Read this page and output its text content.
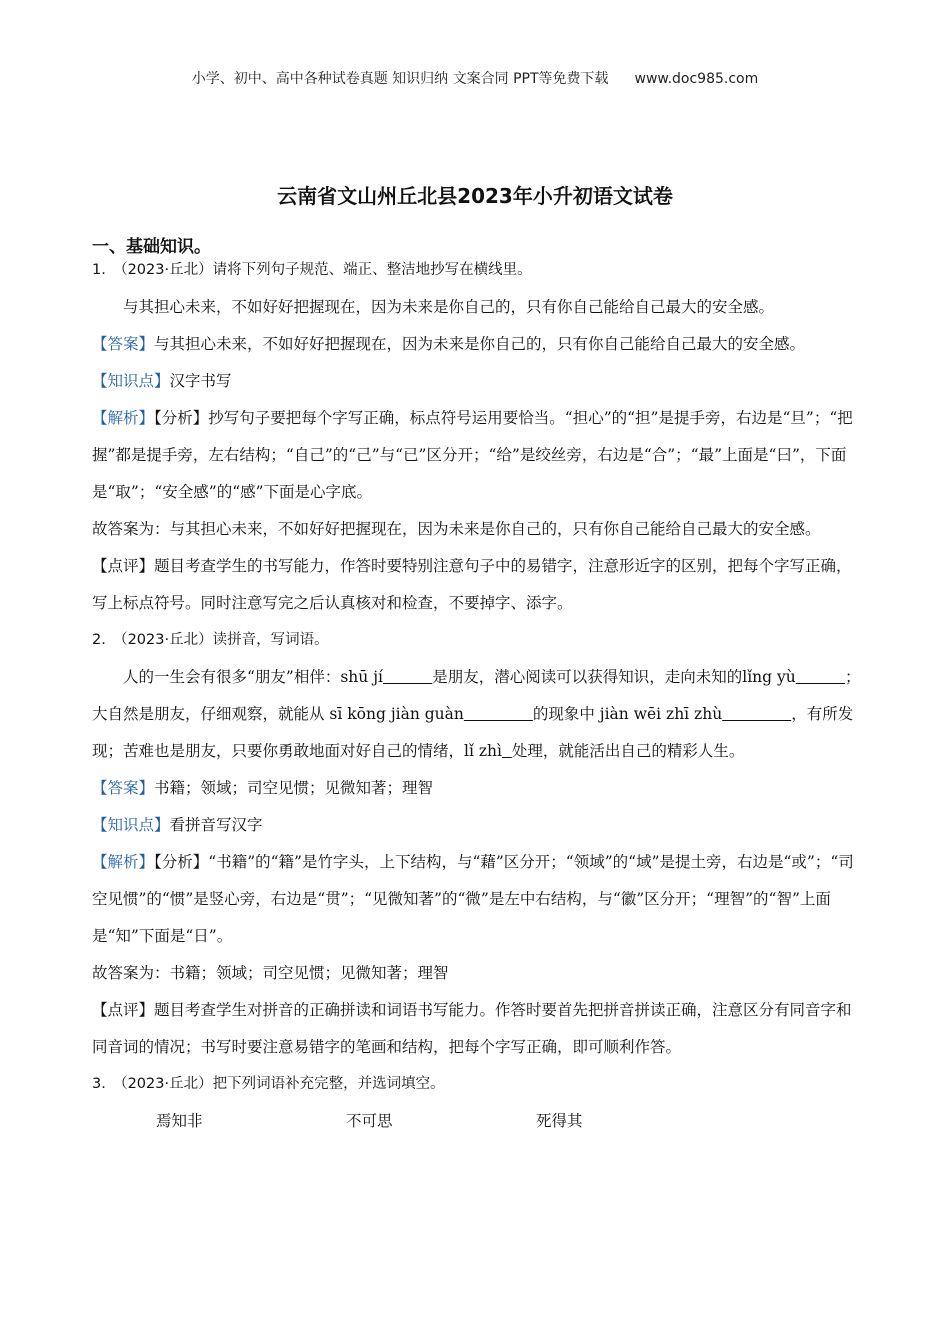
小学、初中、高中各种试卷真题 知识归纳 文案合同 PPT等免费下载 www.doc985.com
云南省文山州丘北县2023年小升初语文试卷
一、基础知识。

1.　（2023·丘北）请将下列句子规范、端正、整洁地抄写在横线里。

与其担心未来，不如好好把握现在，因为未来是你自己的，只有你自己能给自己最大的安全感。

【答案】与其担心未来，不如好好把握现在，因为未来是你自己的，只有你自己能给自己最大的安全感。

【知识点】汉字书写

【解析】【分析】抄写句子要把每个字写正确，标点符号运用要恰当。“担心”的“担”是提手旁，右边是“旦”；“把握”都是提手旁，左右结构；“自己”的“己”与“已”区分开；“给”是绞丝旁，右边是“合”；“最”上面是“曰”，下面是“取”；“安全感”的“感”下面是心字底。

故答案为：与其担心未来，不如好好把握现在，因为未来是你自己的，只有你自己能给自己最大的安全感。

【点评】题目考查学生的书写能力，作答时要特别注意句子中的易错字，注意形近字的区别，把每个字写正确，写上标点符号。同时注意写完之后认真核对和检查，不要掉字、添字。

2.　（2023·丘北）读拼音，写词语。

人的一生会有很多“朋友”相伴：shū jí	是朋友，潜心阅读可以获得知识，走向未知的lǐng yù	；大自然是朋友，仔细观察，就能从 sī kōng jiàn guàn	的现象中 jiàn wēi zhī zhù	，有所发现；苦难也是朋友，只要你勇敢地面对好自己的情绪，lǐ zhì 处理，就能活出自己的精彩人生。

【答案】书籍；领域；司空见惯；见微知著；理智

【知识点】看拼音写汉字

【解析】【分析】“书籍”的“籍”是竹字头，上下结构，与“藉”区分开；“领域”的“域”是提土旁，右边是“或”；“司空见惯”的“惯”是竖心旁，右边是“贯”；“见微知著”的“微”是左中右结构，与“徽”区分开；“理智”的“智”上面是“知”下面是“日”。

故答案为：书籍；领域；司空见惯；见微知著；理智

【点评】题目考查学生对拼音的正确拼读和词语书写能力。作答时要首先把拼音拼读正确，注意区分有同音字和同音词的情况；书写时要注意易错字的笔画和结构，把每个字写正确，即可顺利作答。

3.　（2023·丘北）把下列词语补充完整，并选词填空。

焉知非	不可思	死得其
